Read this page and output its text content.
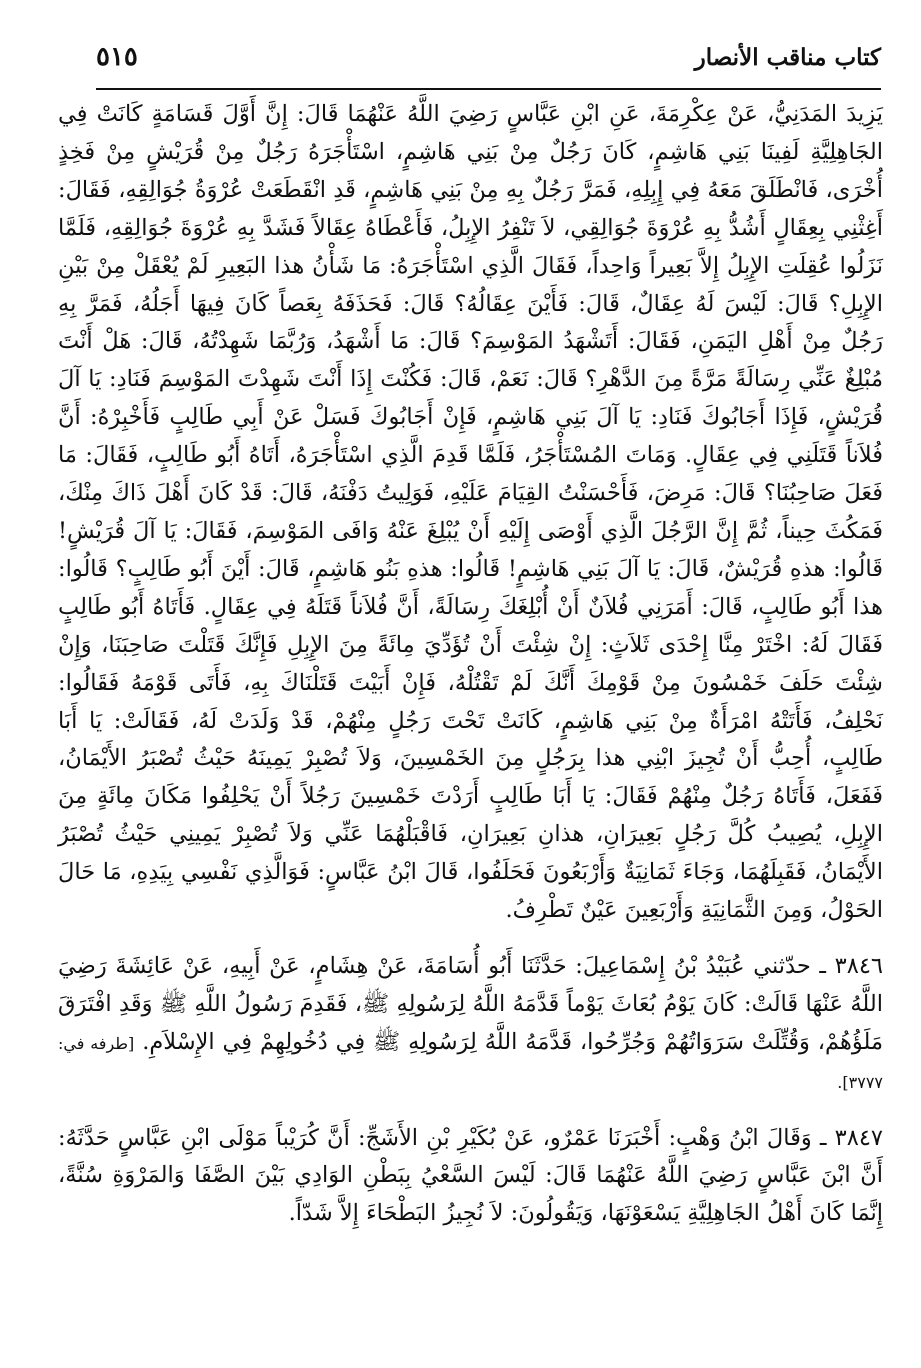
٥١٥	كتاب مناقب الأنصار

يَزِيدَ المَدَنِيُّ، عَنْ عِكْرِمَةَ، عَنِ ابْنِ عَبَّاسٍ رَضِيَ اللَّهُ عَنْهُمَا قَالَ: إِنَّ أَوَّلَ قَسَامَةٍ كَانَتْ فِي الجَاهِلِيَّةِ لَفِينَا بَنِي هَاشِمٍ، كَانَ رَجُلٌ مِنْ بَنِي هَاشِمٍ، اسْتَأْجَرَهُ رَجُلٌ مِنْ قُرَيْشٍ مِنْ فَخِذٍ أُخْرَى، فَانْطَلَقَ مَعَهُ فِي إِبِلِهِ، فَمَرَّ رَجُلٌ بِهِ مِنْ بَنِي هَاشِمٍ، قَدِ انْقَطَعَتْ عُرْوَةُ جُوَالِقِهِ، فَقَالَ: أَغِثْنِي بِعِقَالٍ أَشُدُّ بِهِ عُرْوَةَ جُوَالِقِي، لاَ تَنْفِرُ الإِبِلُ، فَأَعْطَاهُ عِقَالاً فَشَدَّ بِهِ عُرْوَةَ جُوَالِقِهِ، فَلَمَّا نَزَلُوا عُقِلَتِ الإِبِلُ إِلاَّ بَعِيراً وَاحِداً، فَقَالَ الَّذِي اسْتَأْجَرَهُ: مَا شَأْنُ هذا البَعِيرِ لَمْ يُعْقَلْ مِنْ بَيْنِ الإِبِلِ؟ قَالَ: لَيْسَ لَهُ عِقَالٌ، قَالَ: فَأَيْنَ عِقَالُهُ؟ قَالَ: فَحَذَفَهُ بِعَصاً كَانَ فِيهَا أَجَلُهُ، فَمَرَّ بِهِ رَجُلٌ مِنْ أَهْلِ اليَمَنِ، فَقَالَ: أَتَشْهَدُ المَوْسِمَ؟ قَالَ: مَا أَشْهَدُ، وَرُبَّمَا شَهِدْتُهُ، قَالَ: هَلْ أَنْتَ مُبْلِغٌ عَنِّي رِسَالَةً مَرَّةً مِنَ الدَّهْرِ؟ قَالَ: نَعَمْ، قَالَ: فَكُنْتَ إِذَا أَنْتَ شَهِدْتَ المَوْسِمَ فَنَادِ: يَا آلَ قُرَيْشٍ، فَإِذَا أَجَابُوكَ فَنَادِ: يَا آلَ بَنِي هَاشِمٍ، فَإِنْ أَجَابُوكَ فَسَلْ عَنْ أَبِي طَالِبٍ فَأَخْبِرْهُ: أَنَّ فُلاَناً قَتَلَنِي فِي عِقَالٍ. وَمَاتَ المُسْتَأْجَرُ، فَلَمَّا قَدِمَ الَّذِي اسْتَأْجَرَهُ، أَتَاهُ أَبُو طَالِبٍ، فَقَالَ: مَا فَعَلَ صَاحِبُنَا؟ قَالَ: مَرِضَ، فَأَحْسَنْتُ القِيَامَ عَلَيْهِ، فَوَلِيتُ دَفْنَهُ، قَالَ: قَدْ كَانَ أَهْلَ ذَاكَ مِنْكَ، فَمَكُثَ حِيناً، ثُمَّ إِنَّ الرَّجُلَ الَّذِي أَوْصَى إِلَيْهِ أَنْ يُبْلِغَ عَنْهُ وَافَى المَوْسِمَ، فَقَالَ: يَا آلَ قُرَيْشٍ! قَالُوا: هذهِ قُرَيْشٌ، قَالَ: يَا آلَ بَنِي هَاشِمٍ! قَالُوا: هذهِ بَنُو هَاشِمٍ، قَالَ: أَيْنَ أَبُو طَالِبٍ؟ قَالُوا: هذا أَبُو طَالِبٍ، قَالَ: أَمَرَنِي فُلاَنٌ أَنْ أُبْلِغَكَ رِسَالَةً، أَنَّ فُلاَناً قَتَلَهُ فِي عِقَالٍ. فَأَتَاهُ أَبُو طَالِبٍ فَقَالَ لَهُ: اخْتَرْ مِنَّا إِحْدَى ثَلاَثٍ: إِنْ شِئْتَ أَنْ تُؤَدِّيَ مِائَةً مِنَ الإِبِلِ فَإِنَّكَ قَتَلْتَ صَاحِبَنَا، وَإِنْ شِئْتَ حَلَفَ خَمْسُونَ مِنْ قَوْمِكَ أَنَّكَ لَمْ تَقْتُلْهُ، فَإِنْ أَبَيْتَ قَتَلْنَاكَ بِهِ، فَأَتَى قَوْمَهُ فَقَالُوا: نَحْلِفُ، فَأَتَتْهُ امْرَأَةٌ مِنْ بَنِي هَاشِمٍ، كَانَتْ تَحْتَ رَجُلٍ مِنْهُمْ، قَدْ وَلَدَتْ لَهُ، فَقَالَتْ: يَا أَبَا طَالِبٍ، أُحِبُّ أَنْ تُجِيزَ ابْنِي هذا بِرَجُلٍ مِنَ الخَمْسِينَ، وَلاَ تُصْبِرْ يَمِينَهُ حَيْثُ تُصْبَرُ الأَيْمَانُ، فَفَعَلَ، فَأَتَاهُ رَجُلٌ مِنْهُمْ فَقَالَ: يَا أَبَا طَالِبٍ أَرَدْتَ خَمْسِينَ رَجُلاً أَنْ يَحْلِفُوا مَكَانَ مِائَةٍ مِنَ الإِبِلِ، يُصِيبُ كُلَّ رَجُلٍ بَعِيرَانِ، هذانِ بَعِيرَانِ، فَاقْبَلْهُمَا عَنِّي وَلاَ تُصْبِرْ يَمِينِي حَيْثُ تُصْبَرُ الأَيْمَانُ، فَقَبِلَهُمَا، وَجَاءَ ثَمَانِيَةٌ وَأَرْبَعُونَ فَحَلَفُوا، قَالَ ابْنُ عَبَّاسٍ: فَوَالَّذِي نَفْسِي بِيَدِهِ، مَا حَالَ الحَوْلُ، وَمِنَ الثَّمَانِيَةِ وَأَرْبَعِينَ عَيْنٌ تَطْرِفُ.

٣٨٤٦ ـ حدّثني عُبَيْدُ بْنُ إِسْمَاعِيلَ: حَدَّثَنَا أَبُو أُسَامَةَ، عَنْ هِشَامٍ، عَنْ أَبِيهِ، عَنْ عَائِشَةَ رَضِيَ اللَّهُ عَنْهَا قَالَتْ: كَانَ يَوْمُ بُعَاثَ يَوْماً قَدَّمَهُ اللَّهُ لِرَسُولِهِ ﷺ، فَقَدِمَ رَسُولُ اللَّهِ ﷺ وَقَدِ افْتَرَقَ مَلَؤُهُمْ، وَقُتِّلَتْ سَرَوَاتُهُمْ وَجُرِّحُوا، قَدَّمَهُ اللَّهُ لِرَسُولِهِ ﷺ فِي دُخُولِهِمْ فِي الإِسْلاَمِ. [طرفه في: ٣٧٧٧].

٣٨٤٧ ـ وَقَالَ ابْنُ وَهْبٍ: أَخْبَرَنَا عَمْرٌو، عَنْ بُكَيْرِ بْنِ الأَشَجِّ: أَنَّ كُرَيْباً مَوْلَى ابْنِ عَبَّاسٍ حَدَّثَهُ: أَنَّ ابْنَ عَبَّاسٍ رَضِيَ اللَّهُ عَنْهُمَا قَالَ: لَيْسَ السَّعْيُ بِبَطْنِ الوَادِي بَيْنَ الصَّفَا وَالمَرْوَةِ سُنَّةً، إِنَّمَا كَانَ أَهْلُ الجَاهِلِيَّةِ يَسْعَوْنَهَا، وَيَقُولُونَ: لاَ نُجِيزُ البَطْحَاءَ إِلاَّ شَدّاً.
